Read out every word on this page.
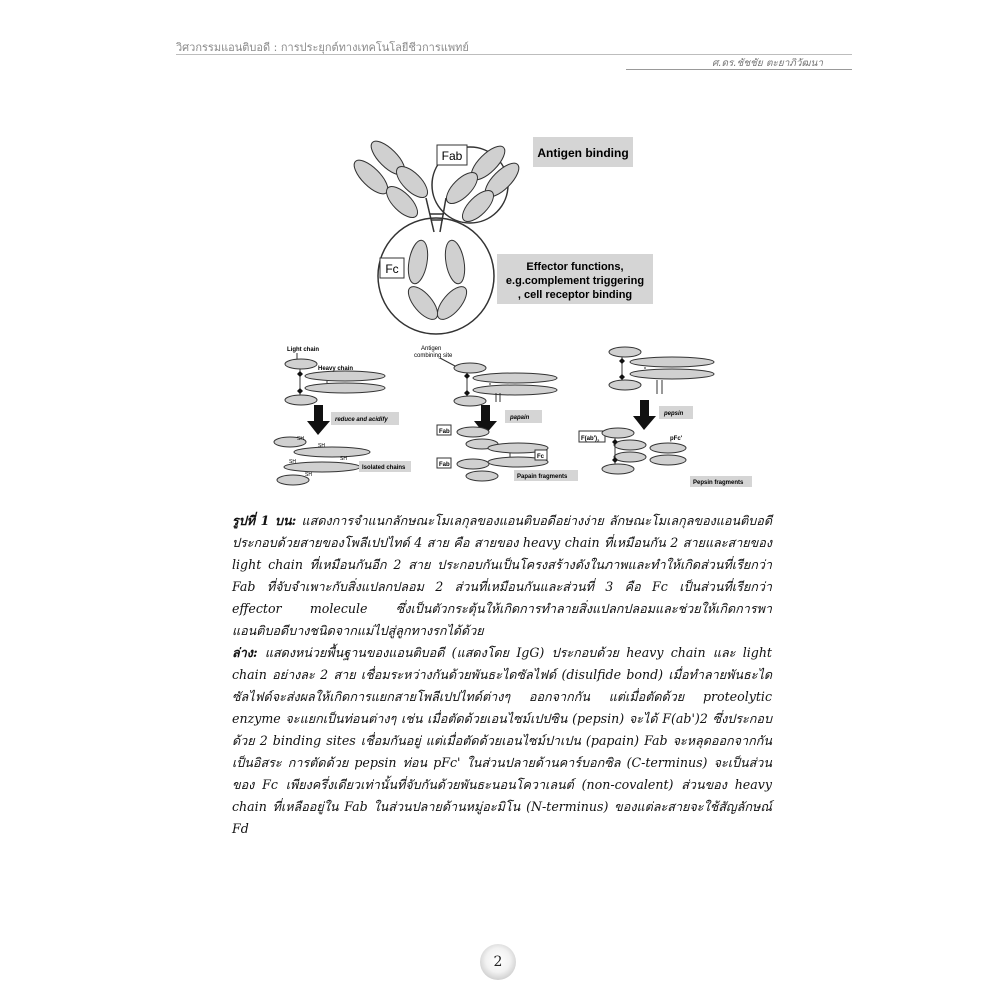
วิศวกรรมแอนติบอดี : การประยุกต์ทางเทคโนโลยีชีวการแพทย์
ศ.ดร.ชัชชัย ตะยาภิวัฒนา
Fab
Fc
Antigen binding
Effector functions,
e.g.complement triggering
, cell receptor binding
Light chain
Heavy chain
reduce and acidify
SH
SH
SH	SH
SH
Isolated chains
Antigen
combining site
papain
Fab
Fab
Fc
Papain fragments
pepsin
$F(ab')_2$	pFc'
Pepsin fragments

รูปที่ 1 บน: แสดงการจำแนกลักษณะโมเลกุลของแอนติบอดีอย่างง่าย ลักษณะโมเลกุลของแอนติบอดีประกอบด้วยสายของโพลีเปปไทด์ 4 สาย คือ สายของ heavy chain ที่เหมือนกัน 2 สายและสายของ light chain ที่เหมือนกันอีก 2 สาย ประกอบกันเป็นโครงสร้างดังในภาพและทำให้เกิดส่วนที่เรียกว่า Fab ที่จับจำเพาะกับสิ่งแปลกปลอม 2 ส่วนที่เหมือนกันและส่วนที่ 3 คือ Fc เป็นส่วนที่เรียกว่า effector molecule ซึ่งเป็นตัวกระตุ้นให้เกิดการทำลายสิ่งแปลกปลอมและช่วยให้เกิดการพาแอนติบอดีบางชนิดจากแม่ไปสู่ลูกทางรกได้ด้วย

ล่าง: แสดงหน่วยพื้นฐานของแอนติบอดี (แสดงโดย IgG) ประกอบด้วย heavy chain และ light chain อย่างละ 2 สาย เชื่อมระหว่างกันด้วยพันธะไดซัลไฟด์ (disulfide bond) เมื่อทำลายพันธะไดซัลไฟด์จะส่งผลให้เกิดการแยกสายโพลีเปปไทด์ต่างๆ ออกจากกัน แต่เมื่อตัดด้วย proteolytic enzyme จะแยกเป็นท่อนต่างๆ เช่น เมื่อตัดด้วยเอนไซม์เปปซิน (pepsin) จะได้ F(ab')2 ซึ่งประกอบด้วย 2 binding sites เชื่อมกันอยู่ แต่เมื่อตัดด้วยเอนไซม์ปาเปน (papain) Fab จะหลุดออกจากกันเป็นอิสระ การตัดด้วย pepsin ท่อน pFc' ในส่วนปลายด้านคาร์บอกซิล (C-terminus) จะเป็นส่วนของ Fc เพียงครึ่งเดียวเท่านั้นที่จับกันด้วยพันธะนอนโควาเลนต์ (non-covalent) ส่วนของ heavy chain ที่เหลืออยู่ใน Fab ในส่วนปลายด้านหมู่อะมิโน (N-terminus) ของแต่ละสายจะใช้สัญลักษณ์ Fd

2
